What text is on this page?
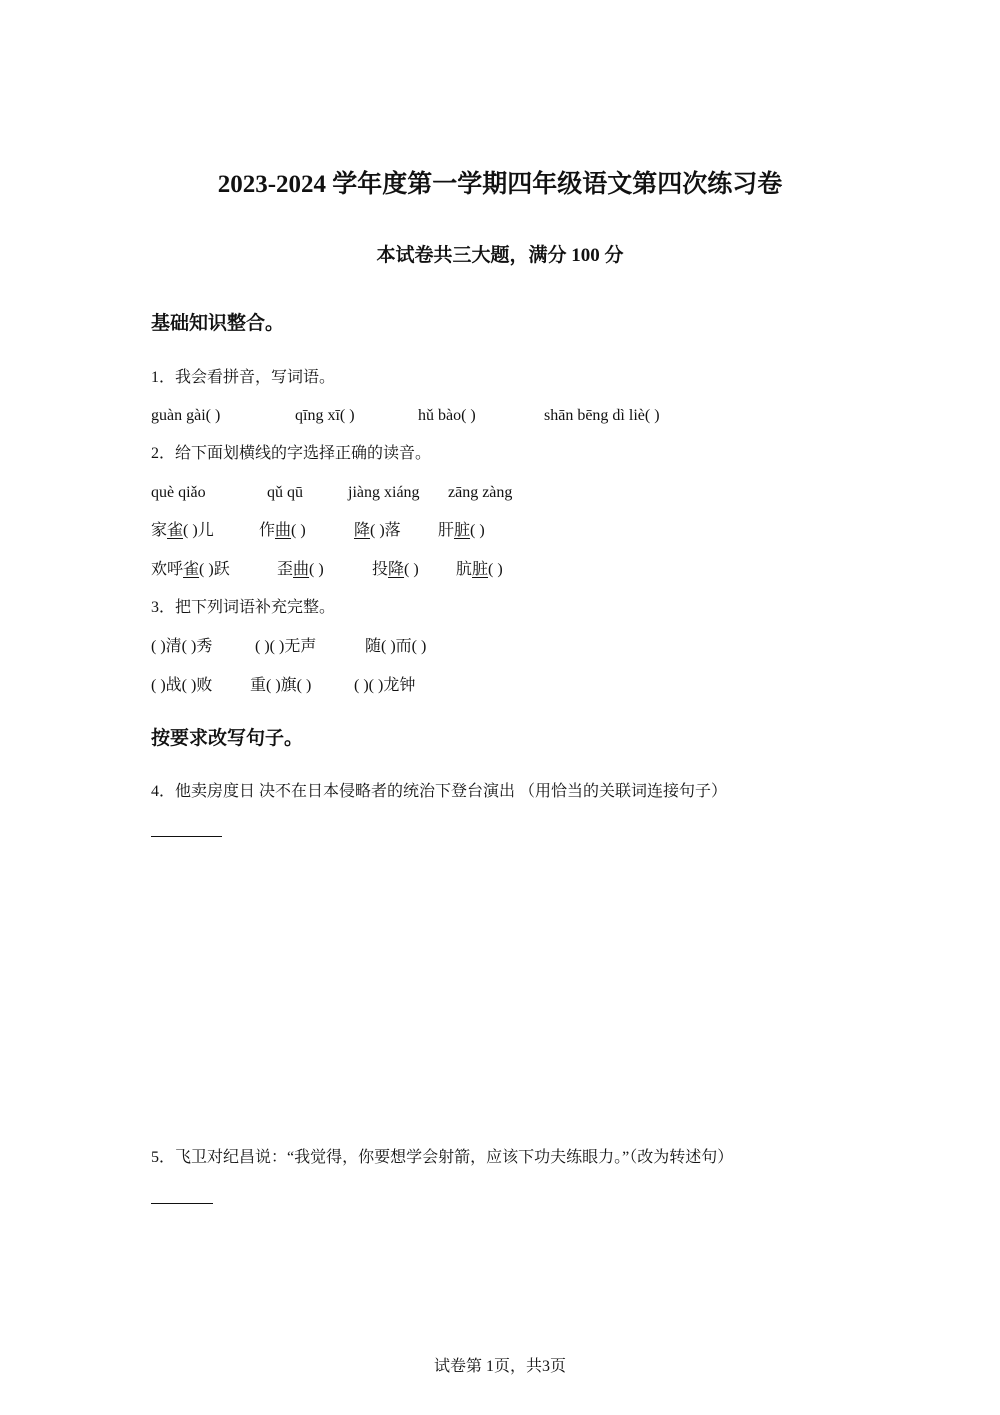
2023-2024 学年度第一学期四年级语文第四次练习卷
本试卷共三大题，满分 100 分
基础知识整合。
1．我会看拼音，写词语。
guàn gài( )	qīng xī( )	hǔ bào( )	shān bēng dì liè( )
2．给下面划横线的字选择正确的读音。
què qiǎo	qǔ qū	jiàng xiáng zāng zàng
家雀( )儿	作曲( )	降( )落 肝脏( )
欢呼雀( )跃	歪曲( )	投降( ) 肮脏( )
3．把下列词语补充完整。
( )清( )秀	( )( )无声	随( )而( )
( )战( )败 重( )旗( )	( )( )龙钟
按要求改写句子。
4．他卖房度日 决不在日本侵略者的统治下登台演出 （用恰当的关联词连接句子）
5．飞卫对纪昌说：“我觉得，你要想学会射箭，应该下功夫练眼力。”（改为转述句）
试卷第 1页，共3页
